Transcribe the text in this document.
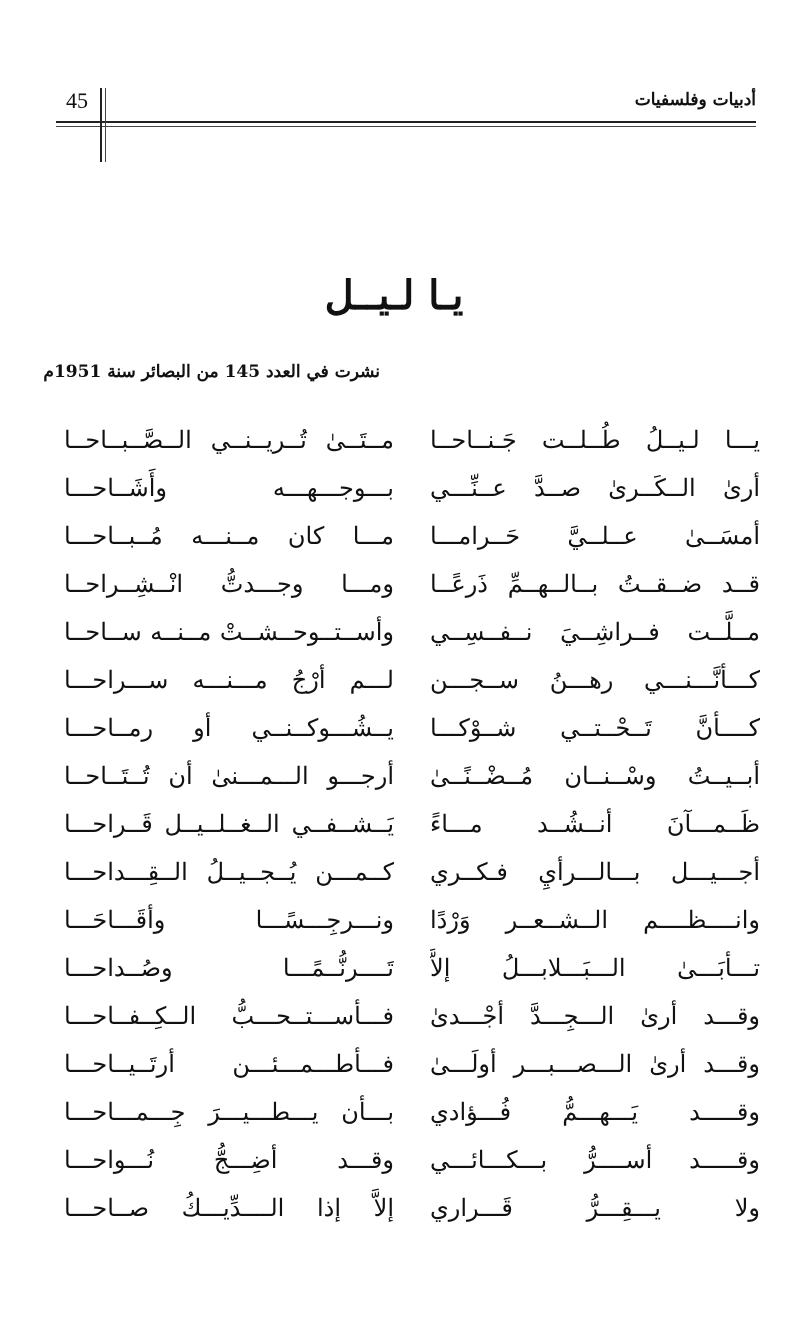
45	أدبيات وفلسفيات
يـا لـيــل
نشرت في العدد 145 من البصائر سنة 1951م
يـــا لـيــلُ طُــلــت جَـنــاحــا
مــتَــىٰ تُــريــنــي الــصَّــبــاحــا
أرىٰ الــكَــرىٰ صــدَّ عــنِّـــي
بـــوجـــهـــه وأَشَــاحـــا
أمسَــىٰ عــلــيَّ حَــرامـــا
مـــا كان مــنـــه مُــبــاحـــا
قــد ضــقــتُ بــالــهــمِّ ذَرعًــا
ومـــا وجـــدتُّ انْــشِــراحــا
مــلَّــت فــراشِــيَ نــفــسِــي
وأســتــوحــشــتْ مــنــه ســاحــا
كـــأنَّـــنـــي رهـــنُ ســجـــن
لـــم أرْجُ مـــنـــه ســـراحـــا
كــــأنَّ تَــحْــتــي شــوْكـــا
يــشُـــوكــنــي أو رمــاحـــا
أبــيــتُ وسْــنــان مُــضْــنًــىٰ
أرجـــو الـــمـــنىٰ أن تُــتَــاحــا
ظَــمـــآنَ أنــشُــد مـــاءً
يَــشــفــي الــغــلــيــل قَــراحـــا
أجـــيـــل بـــالـــرأيِ فـكــري
كــمـــن يُــجــيــلُ الــقِـــداحـــا
وانــــظــــم الــشــعــر وَرْدًا
ونـــرجِـــسًـــا وأقَـــاحَـــا
تـــأبَـــىٰ الـــبَـــلابـــلُ إلاَّ
تَــــرنُّــمًـــا وصُــداحـــا
وقـــد أرىٰ الـــجِـــدَّ أجْـــدىٰ
فـــأســـتــحـــبُّ الــكِــفــاحـــا
وقـــد أرىٰ الـــصـــبـــر أولَـــىٰ
فـــأطـــمـــئـــن أرتَــيــاحـــا
وقـــــد يَـــهـــمُّ فُـــؤادي
بـــأن يـــطـــيـــرَ جِـــمـــاحـــا
وقـــــد أســــرُّ بـــكـــائـــي
وقـــد أضِـــجُّ نُـــواحـــا
ولا يـــقِـــرُّ قَـــراري
إلاَّ إذا الــــدِّيـــكُ صــاحـــا
